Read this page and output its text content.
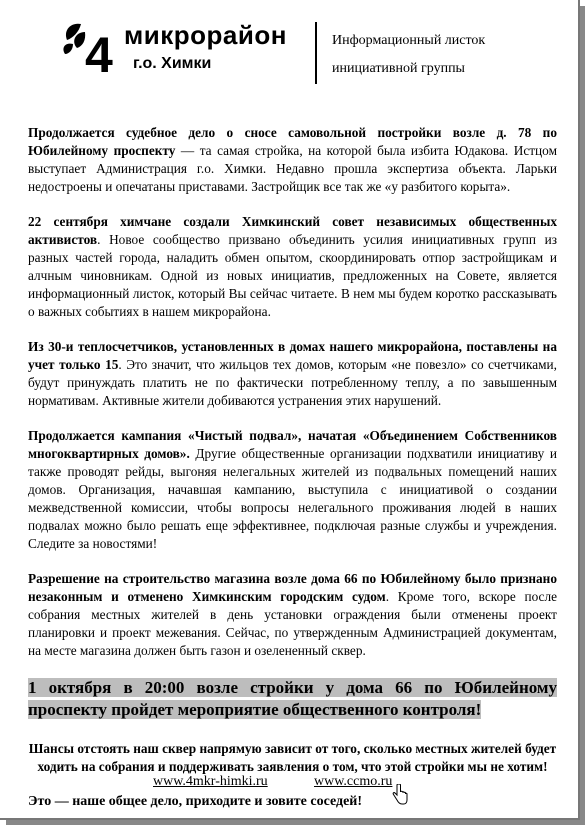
4 микрорайон
г.о. Химки
Информационный листок
инициативной группы

Продолжается судебное дело о сносе самовольной постройки возле д. 78 по Юбилейному проспекту — та самая стройка, на которой была избита Юдакова. Истцом выступает Администрация г.о. Химки. Недавно прошла экспертиза объекта. Ларьки недостроены и опечатаны приставами. Застройщик все так же «у разбитого корыта».

22 сентября химчане создали Химкинский совет независимых общественных активистов. Новое сообщество призвано объединить усилия инициативных групп из разных частей города, наладить обмен опытом, скоординировать отпор застройщикам и алчным чиновникам. Одной из новых инициатив, предложенных на Совете, является информационный листок, который Вы сейчас читаете. В нем мы будем коротко рассказывать о важных событиях в нашем микрорайона.

Из 30-и теплосчетчиков, установленных в домах нашего микрорайона, поставлены на учет только 15. Это значит, что жильцов тех домов, которым «не повезло» со счетчиками, будут принуждать платить не по фактически потребленному теплу, а по завышенным нормативам. Активные жители добиваются устранения этих нарушений.

Продолжается кампания «Чистый подвал», начатая «Объединением Собственников многоквартирных домов». Другие общественные организации подхватили инициативу и также проводят рейды, выгоняя нелегальных жителей из подвальных помещений наших домов. Организация, начавшая кампанию, выступила с инициативой о создании межведственной комиссии, чтобы вопросы нелегального проживания людей в наших подвалах можно было решать еще эффективнее, подключая разные службы и учреждения. Следите за новостями!

Разрешение на строительство магазина возле дома 66 по Юбилейному было признано незаконным и отменено Химкинским городским судом. Кроме того, вскоре после собрания местных жителей в день установки ограждения были отменены проект планировки и проект межевания. Сейчас, по утвержденным Администрацией документам, на месте магазина должен быть газон и озелененный сквер.

1 октября в 20:00 возле стройки у дома 66 по Юбилейному проспекту пройдет мероприятие общественного контроля!

Шансы отстоять наш сквер напрямую зависит от того, сколько местных жителей будет ходить на собрания и поддерживать заявления о том, что этой стройки мы не хотим!

Это — наше общее дело, приходите и зовите соседей!

www.4mkr-himki.ru	www.ccmo.ru
